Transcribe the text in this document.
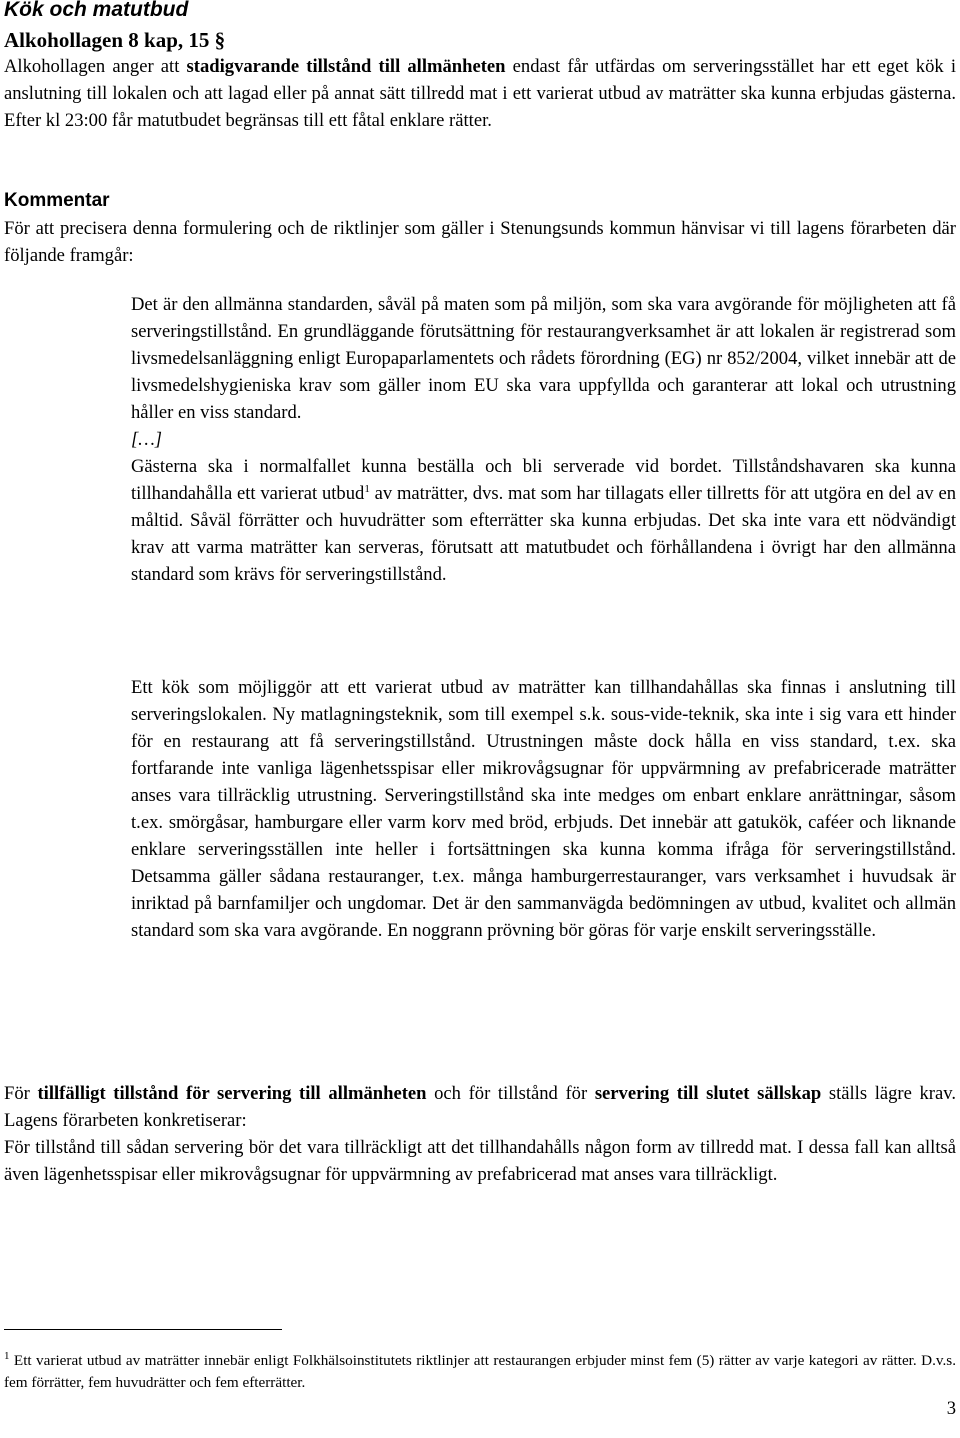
Kök och matutbud
Alkohollagen 8 kap, 15 §
Alkohollagen anger att stadigvarande tillstånd till allmänheten endast får utfärdas om serveringsstället har ett eget kök i anslutning till lokalen och att lagad eller på annat sätt tillredd mat i ett varierat utbud av maträtter ska kunna erbjudas gästerna. Efter kl 23:00 får matutbudet begränsas till ett fåtal enklare rätter.
Kommentar
För att precisera denna formulering och de riktlinjer som gäller i Stenungsunds kommun hänvisar vi till lagens förarbeten där följande framgår:
Det är den allmänna standarden, såväl på maten som på miljön, som ska vara avgörande för möjligheten att få serveringstillstånd. En grundläggande förutsättning för restaurangverksamhet är att lokalen är registrerad som livsmedelsanläggning enligt Europaparlamentets och rådets förordning (EG) nr 852/2004, vilket innebär att de livsmedelshygieniska krav som gäller inom EU ska vara uppfyllda och garanterar att lokal och utrustning håller en viss standard.
[…]
Gästerna ska i normalfallet kunna beställa och bli serverade vid bordet. Tillståndshavaren ska kunna tillhandahålla ett varierat utbud$^1$ av maträtter, dvs. mat som har tillagats eller tillretts för att utgöra en del av en måltid. Såväl förrätter och huvudrätter som efterrätter ska kunna erbjudas. Det ska inte vara ett nödvändigt krav att varma maträtter kan serveras, förutsatt att matutbudet och förhållandena i övrigt har den allmänna standard som krävs för serveringstillstånd.
Ett kök som möjliggör att ett varierat utbud av maträtter kan tillhandahållas ska finnas i anslutning till serveringslokalen. Ny matlagningsteknik, som till exempel s.k. sous-vide-teknik, ska inte i sig vara ett hinder för en restaurang att få serveringstillstånd. Utrustningen måste dock hålla en viss standard, t.ex. ska fortfarande inte vanliga lägenhetsspisar eller mikrovågsugnar för uppvärmning av prefabricerade maträtter anses vara tillräcklig utrustning. Serveringstillstånd ska inte medges om enbart enklare anrättningar, såsom t.ex. smörgåsar, hamburgare eller varm korv med bröd, erbjuds. Det innebär att gatukök, caféer och liknande enklare serveringsställen inte heller i fortsättningen ska kunna komma ifråga för serveringstillstånd. Detsamma gäller sådana restauranger, t.ex. många hamburgerrestauranger, vars verksamhet i huvudsak är inriktad på barnfamiljer och ungdomar. Det är den sammanvägda bedömningen av utbud, kvalitet och allmän standard som ska vara avgörande. En noggrann prövning bör göras för varje enskilt serveringsställe.
För tillfälligt tillstånd för servering till allmänheten och för tillstånd för servering till slutet sällskap ställs lägre krav. Lagens förarbeten konkretiserar:
För tillstånd till sådan servering bör det vara tillräckligt att det tillhandahålls någon form av tillredd mat. I dessa fall kan alltså även lägenhetsspisar eller mikrovågsugnar för uppvärmning av prefabricerad mat anses vara tillräckligt.
$^1$ Ett varierat utbud av maträtter innebär enligt Folkhälsoinstitutets riktlinjer att restaurangen erbjuder minst fem (5) rätter av varje kategori av rätter. D.v.s. fem förrätter, fem huvudrätter och fem efterrätter.
3
